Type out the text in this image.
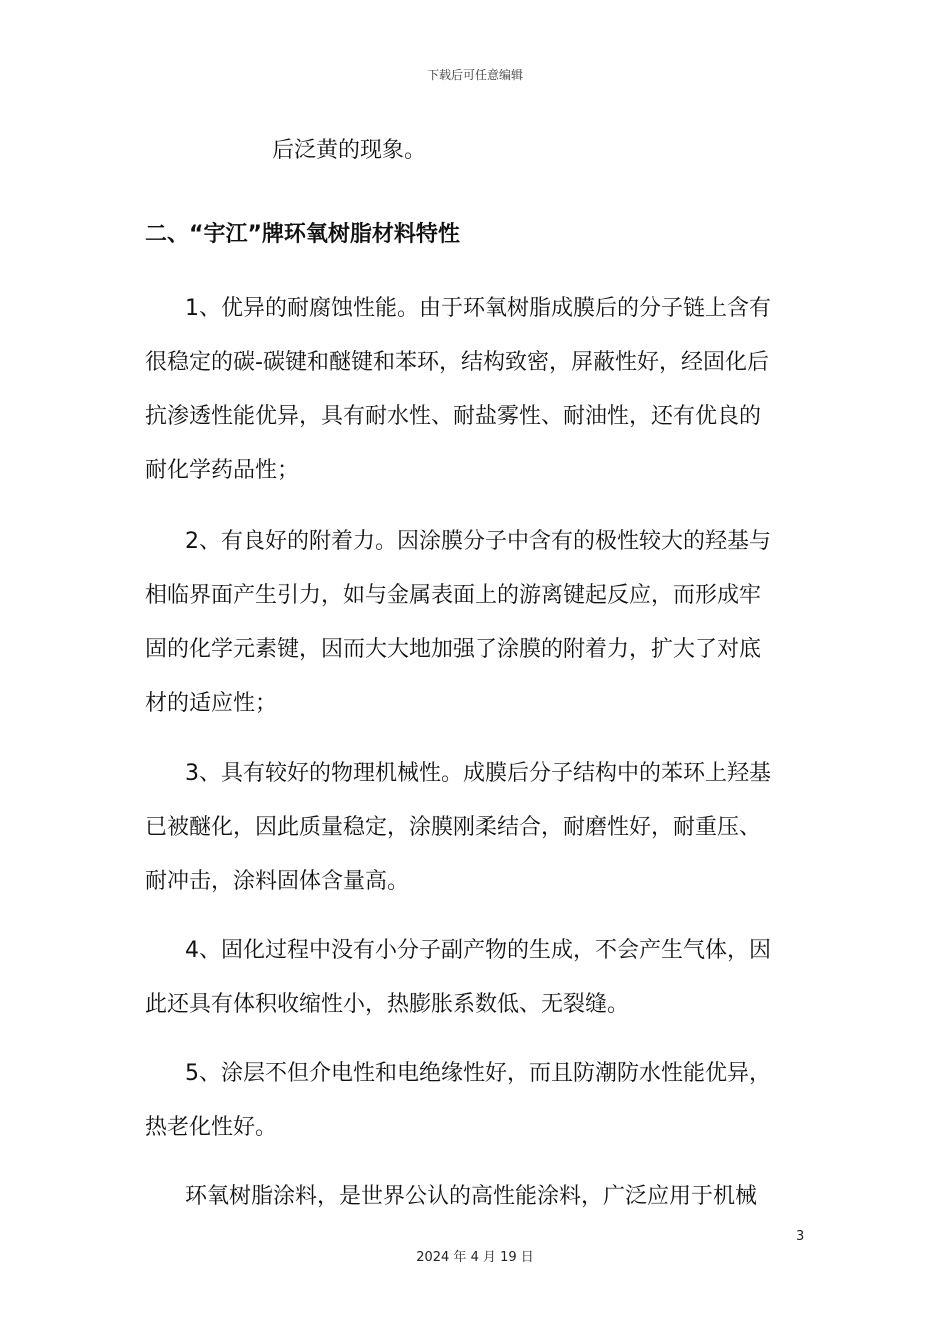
下载后可任意编辑

后泛黄的现象。

二、“宇江”牌环氧树脂材料特性

1、优异的耐腐蚀性能。由于环氧树脂成膜后的分子链上含有

很稳定的碳-碳键和醚键和苯环，结构致密，屏蔽性好，经固化后

抗渗透性能优异，具有耐水性、耐盐雾性、耐油性，还有优良的

耐化学药品性；

2、有良好的附着力。因涂膜分子中含有的极性较大的羟基与

相临界面产生引力，如与金属表面上的游离键起反应，而形成牢

固的化学元素键，因而大大地加强了涂膜的附着力，扩大了对底

材的适应性；

3、具有较好的物理机械性。成膜后分子结构中的苯环上羟基

已被醚化，因此质量稳定，涂膜刚柔结合，耐磨性好，耐重压、

耐冲击，涂料固体含量高。

4、固化过程中没有小分子副产物的生成，不会产生气体，因

此还具有体积收缩性小，热膨胀系数低、无裂缝。

5、涂层不但介电性和电绝缘性好，而且防潮防水性能优异，

热老化性好。

环氧树脂涂料，是世界公认的高性能涂料，广泛应用于机械

3
2024 年 4 月 19 日
